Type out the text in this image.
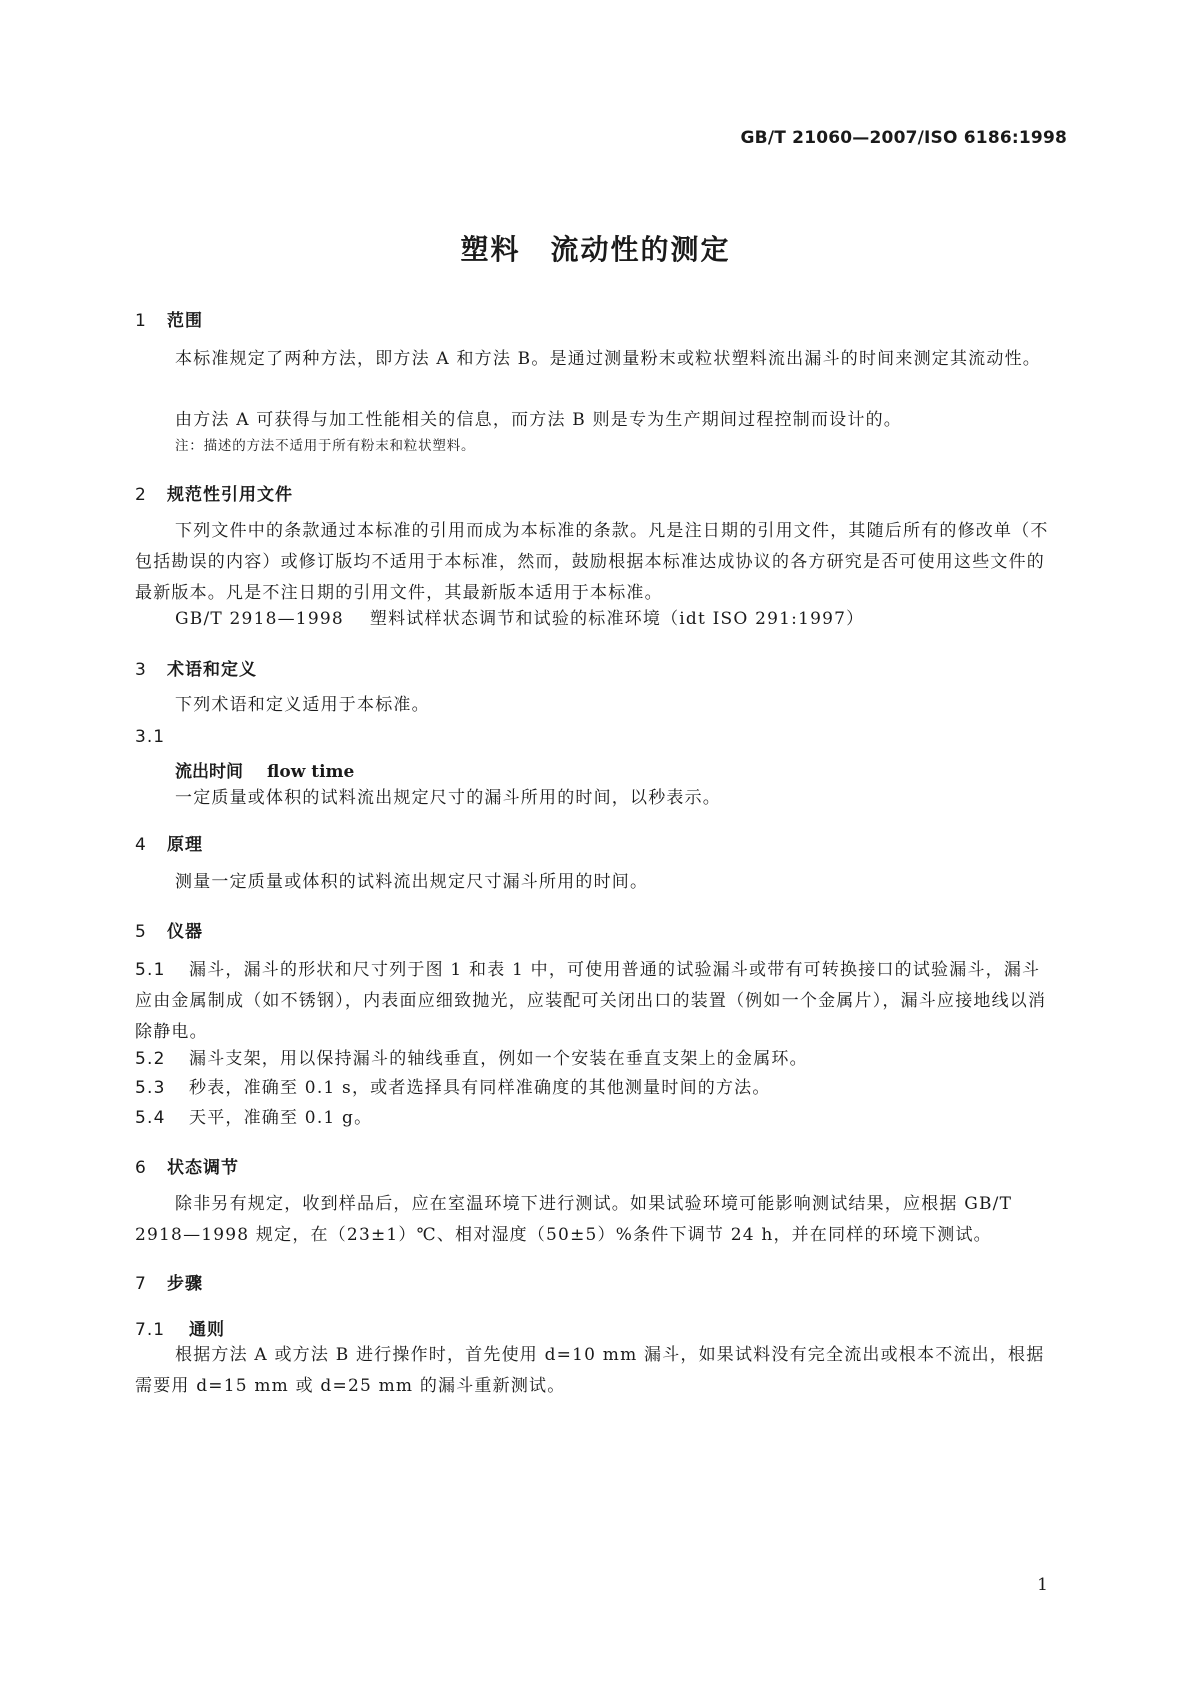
GB/T 21060—2007/ISO 6186:1998
塑料 流动性的测定
1 范围
本标准规定了两种方法，即方法 A 和方法 B。是通过测量粉末或粒状塑料流出漏斗的时间来测定其流动性。
由方法 A 可获得与加工性能相关的信息，而方法 B 则是专为生产期间过程控制而设计的。
注：描述的方法不适用于所有粉末和粒状塑料。
2 规范性引用文件
下列文件中的条款通过本标准的引用而成为本标准的条款。凡是注日期的引用文件，其随后所有的修改单（不包括勘误的内容）或修订版均不适用于本标准，然而，鼓励根据本标准达成协议的各方研究是否可使用这些文件的最新版本。凡是不注日期的引用文件，其最新版本适用于本标准。
GB/T 2918—1998 塑料试样状态调节和试验的标准环境（idt ISO 291:1997）
3 术语和定义
下列术语和定义适用于本标准。
3.1
流出时间 flow time
一定质量或体积的试料流出规定尺寸的漏斗所用的时间，以秒表示。
4 原理
测量一定质量或体积的试料流出规定尺寸漏斗所用的时间。
5 仪器
5.1 漏斗，漏斗的形状和尺寸列于图 1 和表 1 中，可使用普通的试验漏斗或带有可转换接口的试验漏斗，漏斗应由金属制成（如不锈钢），内表面应细致抛光，应装配可关闭出口的装置（例如一个金属片），漏斗应接地线以消除静电。
5.2 漏斗支架，用以保持漏斗的轴线垂直，例如一个安装在垂直支架上的金属环。
5.3 秒表，准确至 0.1 s，或者选择具有同样准确度的其他测量时间的方法。
5.4 天平，准确至 0.1 g。
6 状态调节
除非另有规定，收到样品后，应在室温环境下进行测试。如果试验环境可能影响测试结果，应根据 GB/T 2918—1998 规定，在（23±1）℃、相对湿度（50±5）%条件下调节 24 h，并在同样的环境下测试。
7 步骤
7.1 通则
根据方法 A 或方法 B 进行操作时，首先使用 d=10 mm 漏斗，如果试料没有完全流出或根本不流出，根据需要用 d=15 mm 或 d=25 mm 的漏斗重新测试。
1
